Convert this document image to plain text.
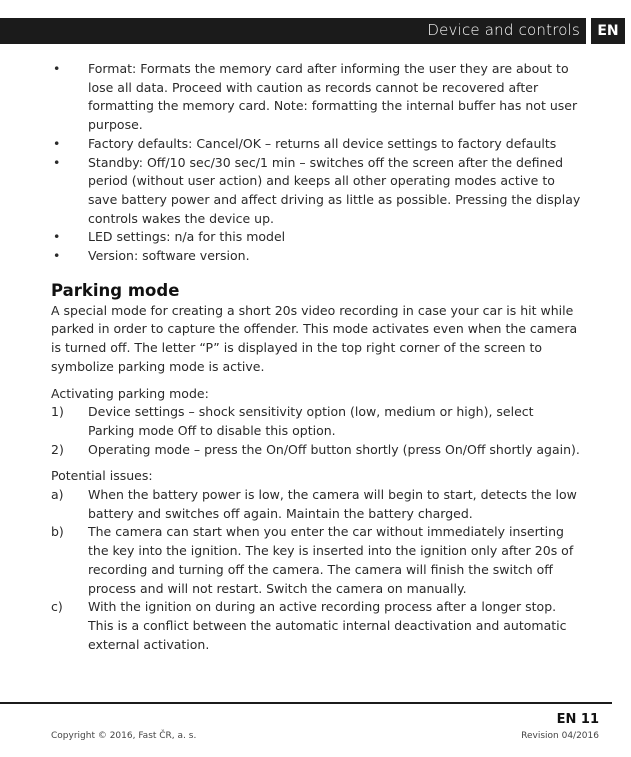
Device and controls	EN
• Format: Formats the memory card after informing the user they are about to lose all data. Proceed with caution as records cannot be recovered after formatting the memory card. Note: formatting the internal buffer has not user purpose.
• Factory defaults: Cancel/OK – returns all device settings to factory defaults
• Standby: Off/10 sec/30 sec/1 min – switches off the screen after the defined period (without user action) and keeps all other operating modes active to save battery power and affect driving as little as possible. Pressing the display controls wakes the device up.
• LED settings: n/a for this model
• Version: software version.
Parking mode

A special mode for creating a short 20s video recording in case your car is hit while parked in order to capture the offender. This mode activates even when the camera is turned off. The letter “P” is displayed in the top right corner of the screen to symbolize parking mode is active.

Activating parking mode:

1) Device settings – shock sensitivity option (low, medium or high), select Parking mode Off to disable this option.
2) Operating mode – press the On/Off button shortly (press On/Off shortly again).

Potential issues:

a) When the battery power is low, the camera will begin to start, detects the low battery and switches off again. Maintain the battery charged.
b) The camera can start when you enter the car without immediately inserting the key into the ignition. The key is inserted into the ignition only after 20s of recording and turning off the camera. The camera will finish the switch off process and will not restart. Switch the camera on manually.
c) With the ignition on during an active recording process after a longer stop. This is a conflict between the automatic internal deactivation and automatic external activation.
EN 11
Copyright © 2016, Fast ČR, a. s.	Revision 04/2016
